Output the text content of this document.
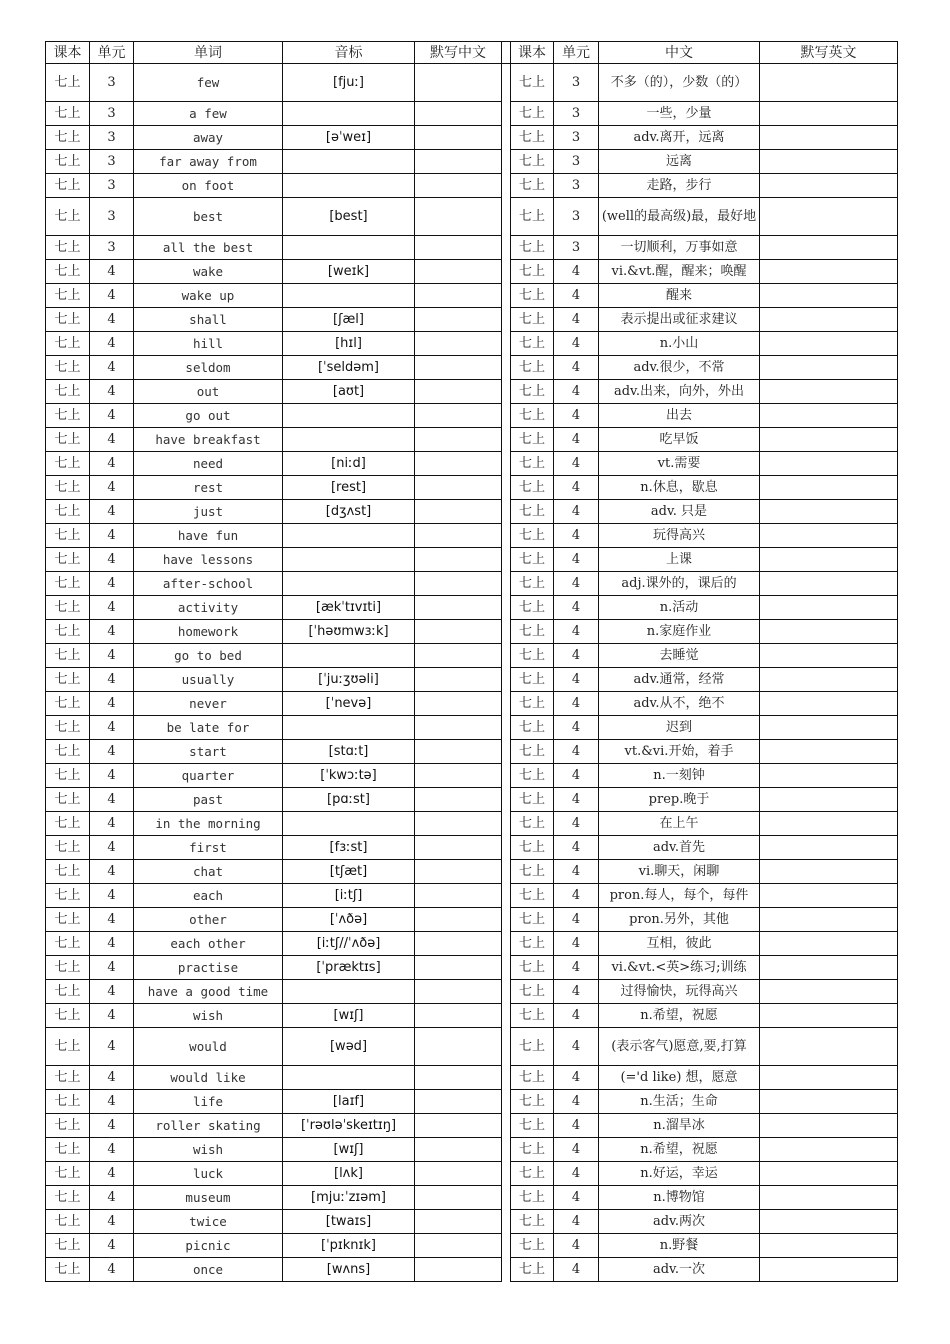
课本	单元	单词	音标	默写中文		课本	单元	中文	默写英文
七上	3	few	[fjuː]			七上	3	不多（的），少数（的）	
七上	3	a few				七上	3	一些，少量	
七上	3	away	[əˈweɪ]			七上	3	adv.离开，远离	
七上	3	far away from				七上	3	远离	
七上	3	on foot				七上	3	走路，步行	
七上	3	best	[best]			七上	3	(well的最高级)最，最好地	
七上	3	all the best				七上	3	一切顺利，万事如意	
七上	4	wake	[weɪk]			七上	4	vi.&vt.醒，醒来；唤醒	
七上	4	wake up				七上	4	醒来	
七上	4	shall	[ʃæl]			七上	4	表示提出或征求建议	
七上	4	hill	[hɪl]			七上	4	n.小山	
七上	4	seldom	[ˈseldəm]			七上	4	adv.很少，不常	
七上	4	out	[aʊt]			七上	4	adv.出来，向外，外出	
七上	4	go out				七上	4	出去	
七上	4	have breakfast				七上	4	吃早饭	
七上	4	need	[niːd]			七上	4	vt.需要	
七上	4	rest	[rest]			七上	4	n.休息，歇息	
七上	4	just	[dʒʌst]			七上	4	adv. 只是	
七上	4	have fun				七上	4	玩得高兴	
七上	4	have lessons				七上	4	上课	
七上	4	after-school				七上	4	adj.课外的，课后的	
七上	4	activity	[ækˈtɪvɪti]			七上	4	n.活动	
七上	4	homework	[ˈhəʊmwɜːk]			七上	4	n.家庭作业	
七上	4	go to bed				七上	4	去睡觉	
七上	4	usually	[ˈjuːʒʊəli]			七上	4	adv.通常，经常	
七上	4	never	[ˈnevə]			七上	4	adv.从不，绝不	
七上	4	be late for				七上	4	迟到	
七上	4	start	[stɑːt]			七上	4	vt.&vi.开始，着手	
七上	4	quarter	[ˈkwɔːtə]			七上	4	n.一刻钟	
七上	4	past	[pɑːst]			七上	4	prep.晚于	
七上	4	in the morning				七上	4	在上午	
七上	4	first	[fɜːst]			七上	4	adv.首先	
七上	4	chat	[tʃæt]			七上	4	vi.聊天，闲聊	
七上	4	each	[iːtʃ]			七上	4	pron.每人，每个，每件	
七上	4	other	[ˈʌðə]			七上	4	pron.另外，其他	
七上	4	each other	[iːtʃ//ˈʌðə]			七上	4	互相，彼此	
七上	4	practise	[ˈpræktɪs]			七上	4	vi.&vt.<英>练习;训练	
七上	4	have a good time				七上	4	过得愉快，玩得高兴	
七上	4	wish	[wɪʃ]			七上	4	n.希望，祝愿	
七上	4	would	[wəd]			七上	4	(表示客气)愿意,要,打算	
七上	4	would like				七上	4	(='d like) 想，愿意	
七上	4	life	[laɪf]			七上	4	n.生活；生命	
七上	4	roller skating	[ˈrəʊləˈskeɪtɪŋ]			七上	4	n.溜旱冰	
七上	4	wish	[wɪʃ]			七上	4	n.希望，祝愿	
七上	4	luck	[lʌk]			七上	4	n.好运，幸运	
七上	4	museum	[mjuːˈzɪəm]			七上	4	n.博物馆	
七上	4	twice	[twaɪs]			七上	4	adv.两次	
七上	4	picnic	[ˈpɪknɪk]			七上	4	n.野餐	
七上	4	once	[wʌns]			七上	4	adv.一次	
